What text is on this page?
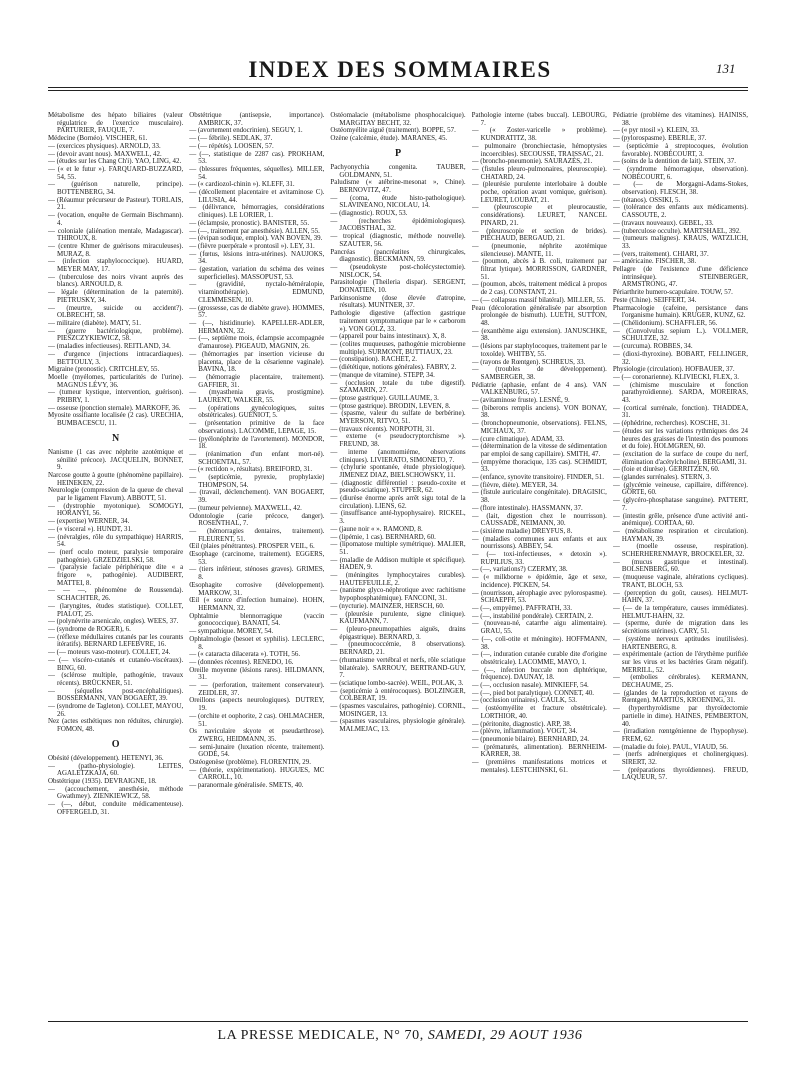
INDEX DES SOMMAIRES	131

Métabolisme des hépato biliaires (valeur régulatrice de l'exercice musculaire). PARTURIER, FAUQUE, 7.

Médecine (Bornéo). VISCHER, 61.

— (exercices physiques). ARNOLD, 33.

— (devoir avant nous). MAXWELL, 42.

— (études sur les Chang Ch'i). YAO, LING, 42.

— (« et le futur »). FARQUARD-BUZZARD, 54, 55.

— (guérison naturelle, principe). BOTTENBERG, 34.

— (Réaumur précurseur de Pasteur). TORLAIS, 21.

— (vocation, enquête de Germain Bischmann). 4.

— coloniale (aliénation mentale, Madagascar). THIROUX, 8.

— (centre Khmer de guérisons miraculeuses). MURAZ, 8.

— (infection staphylococcique). HUARD, MEYER MAY, 17.

— (tuberculose des noirs vivant auprès des blancs). ARNOULD, 8.

— légale (détermination de la paternité). PIETRUSKY, 34.

— (meurtre, suicide ou accident?). OLBRECHT, 58.

— militaire (diabète). MATY, 51.

— (guerre bactériologique, problème). PIESZCZYKIEWICZ, 58.

— (maladies infectieuses). REITLAND, 34.

— d'urgence (injections intracardiaques). BETTOULY, 3.

Migraine (pronostic). CRITCHLEY, 55.

Moelle (myélomes, particularités de l'urine). MAGNUS LÉVY, 36.

— (tumeur kystique, intervention, guérison). PRIBRY, 1.

— osseuse (ponction sternale). MARKOFF, 36.

Myosite ossifiante localisée (2 cas). URECHIA, BUMBACESCU, 11.

N

Nanisme (1 cas avec néphrite azotémique et sénilité précoce). JACQUELIN, BONNET, 9.

Narcose goutte à goutte (phénomène papillaire). HEINEKEN, 22.

Neurologie (compression de la queue de cheval par le ligament Flavum). ABBOTT, 51.

— (dystrophie myotonique). SOMOGYI, HORANYI, 56.

— (expertise) WERNER, 34.

— (« visceral »). HUNDT, 31.

— (névralgies, rôle du sympathique) HARRIS, 54.

— (nerf oculo moteur, paralysie temporaire pathogénie). GRZEDZIELSKI, 58.

— (paralysie faciale périphérique dite « a frigore », pathogénie). AUDIBERT, MATTEI, 8.

— — —, phénomène de Roussenda). SCHACHTER, 26.

— (laryngites, études statistique). COLLET, PIALOT, 25.

— (polynévrite arsenicale, ongles). WEES, 37.

— (syndrome de ROGER), 6.

— (réflexe médullaires cutanés par les courants itératifs). BERNARD LEFEBVRE, 16.

— (— moteurs vaso-moteur). COLLET, 24.

— (— viscéro-cutanés et cutanéo-viscéraux). BING, 60.

— (sclérose multiple, pathogénie, travaux récents). BRÜCKNER, 51.

— (séquelles post-encéphalitiques). BOSSERMANN, VAN BOGAERT, 39.

— (syndrome de Tagleton). COLLET, MAYOU, 26.

Nez (actes esthétiques non réduites, chirurgie). FOMON, 48.

O

Obésité (développement). HETENYI, 36.

— (patho-physiologie). LEITES, AGALETZKAJA, 60.

Obstétrique (1935). DEVRAIGNE, 18.

— (accouchement, anesthésie, méthode Gwathmey). ZIENKIEWICZ, 58.

— (—, début, conduite médicamenteuse). OFFERGELD, 31.

Obstétrique (antisepsie, importance). AMBRICK, 37.

— (avortement endocrinien). SEGUY, 1.

— (— fébrile). SEDLAK, 37.

— (— répétés). LOOSEN, 57.

— (—, statistique de 2287 cas). PROKHAM, 53.

— (blessures fréquentes, séquelles). MILLER, 54.

— (« cardiozol-chinin »). KLEFF, 31.

— (décollement placentaire et avitaminose C). LILUSIA, 44.

— (délivrance, hémorragies, considérations cliniques). LE LORIER, 1.

— (éclampsie, pronostic). BANISTER, 55.

— (—, traitement par anesthésie). ALLEN, 55.

— (évipan sodique, emploi). VAN BOVEN, 39.

— (fièvre puerpérale « prontosil »). LEY, 31.

— (fœtus, lésions intra-utérines). NAUJOKS, 34.

— (gestation, variation du schéma des veines superficielles). MASSOPUST, 53.

— (gravidité, nyctalo-héméralopie, vitaminothérapie). EDMUND, CLEMMESEN, 10.

— (grossesse, cas de diabète grave). HOMMES, 57.

— (—, histidinurie). KAPELLER-ADLER, HERMANN, 32.

— (—, septième mois, éclampsie accompagnée d'amaurose). PIGEAUD, MAGNIN, 26.

— (hémorragies par insertion vicieuse du placenta, place de la césarienne vaginale). BAVINA, 18.

— (hémorragie placentaire, traitement). GAFFIER, 31.

— (myasthenia gravis, prostigmine). LAURENT, WALKER, 55.

— (opérations gynécologiques, suites obstétricales). GUÉNIOT, 5.

— (présentation primitive de la face observations). LACOMME, LEPAGE, 15.

— (pyélonéphrite de l'avortement). MONDOR, 18.

— (réanimation d'un enfant mort-né). SCHOENTAL, 57.

— (« rectidon », résultats). BREIFORD, 31.

— (septicémie, pyrexie, prophylaxie) THOMPSON, 54.

— (travail, déclenchement). VAN BOGAERT, 39.

— (tumeur pelvienne). MAXWELL, 42.

Odontologie (carie précoce, danger). ROSENTHAL, 7.

— (hémorragies dentaires, traitement). FLEURENT, 51.

Œil (plaies pénétrantes). PROSPER VEIL, 6.

Œsophage (carcinome, traitement). EGGERS, 53.

— (tiers inférieur, sténoses graves). GRIMES, 8.

Œsophagite corrosive (développement). MARKOW, 31.

Œil (« source d'infection humaine). HOHN, HERMANN, 32.

Ophtalmie blennorragique (vaccin gonococcique). BANATI, 54.

— sympathique. MOREY, 54.

Ophtalmologie (besoet et syphilis). LECLERC, 8.

— (« cataracta dilacerata »). TOTH, 56.

— (données récentes). RENEDO, 16.

Oreille moyenne (lésions rares). HILDMANN, 31.

— — (perforation, traitement conservateur). ZEIDLER, 37.

Oreillons (aspects neurologiques). DUTREY, 19.

— (orchite et oophorite, 2 cas). OHLMACHER, 51.

Os naviculaire skyote et pseudarthrose). ZWERG, HEIDMANN, 35.

— semi-lunaire (luxation récente, traitement). GODÉ, 54.

Ostéogenèse (problème). FLORENTIN, 29.

— (théorie, expérimentation). HUGUES, MC CARROLL, 10.

— paranormale généralisée. SMETS, 40.

Ostéomalacie (métabolisme phosphocalcique). MARGITAY BECHT, 32.

Ostéomyélite aiguë (traitement). BOPPE, 57.

Ozène (calcémie, étude). MARANES, 45.

P

Pachyonychia congenita. TAUBER, GOLDMANN, 51.

Paludisme (« atébrine-mesonat », Chine). BERNOVITZ, 47.

— (coma, étude histo-pathologique). SLAVINEANO, NICOLAU, 14.

— (diagnostic). ROUX, 53.

— (recherches épidémiologiques). JACOBSTHAL, 32.

— tropical (diagnostic, méthode nouvelle). SZAUTER, 56.

Pancréas (pancréatites chirurgicales, diagnostic). BECKMANN, 59.

— (pseudokyste post-cholécystectomie). NISLOCK, 54.

Parasitologie (Theileria dispar). SERGENT, DONATIEN, 10.

Parkinsonisme (dose élevée d'atropine, résultats). MUNTNER, 37.

Pathologie digestive (affection gastrique traitement symptomatique par le « carborom »). VON GOLZ, 33.

— (appareil pour bains intestinaux). X, 8.

— (colites muqueuses, pathogénie microbienne multiple). SURMONT, BUTTIAUX, 23.

— (constipation). RACHET, 2.

— (diététique, notions générales). FABRY, 2.

— (manque de vitamine). STEPP, 34.

— (occlusion totale du tube digestif). SZAMARIN, 27.

— (ptose gastrique). GUILLAUME, 3.

— (ptose gastrique). BRODIN, LEVEN, 8.

— (spasme, valeur du sulfate de berbérine). MYERSON, RITVO, 51.

— (travaux récents). NORPOTH, 31.

— externe (« pseudocryptorchisme »). FREUND, 38.

— interne (anomomiéme, observations cliniques). LIVIERATO, SIMONETO, 7.

— (chylurie spontanée, étude physiologique). JIMENEZ DIAZ, BIELSCHOWSKY, 11.

— (diagnostic différentiel : pseudo-coxite et pseudo-sciatique). STUPFER, 62.

— (diurèse énorme après arrêt sigu total de la circulation). LIENS, 62.

— (insuffisance anté-hypophysaire). RICKEL, 3.

— (jaune noir « ». RAMOND, 8.

— (lipémie, 1 cas). BERNHARD, 60.

— (lipomatose multiple symétrique). MALIER, 51.

— (maladie de Addison multiple et spécifique). HADEN, 9.

— (méningites lymphocytaires curables). HAUTEFEUILLE, 2.

— (nanisme glyco-néphrotique avec rachitisme hypophosphatémique). FANCONI, 31.

— (nycturie). MAINZER, HERSCH, 60.

— (pleurésie purulente, signe clinique). KAUFMANN, 7.

— (pleuro-pneumopathies aiguës, drains épigastrique). BERNARD, 3.

— (pneumococcémie, 8 observations). BERNARD, 21.

— (rhumatisme vertébral et nerfs, rôle sciatique bilatérale). SARROUY, BERTRAND-GUY, 7.

— (sciatique lombo-sacrée). WEIL, POLAK, 3.

— (septicémie à entérocoques). BOLZINGER, COLBERAT, 19.

— (spasmes vasculaires, pathogénie). CORNIL, MOSINGER, 13.

— (spasmes vasculaires, physiologie générale). MALMEJAC, 13.

Pathologie interne (tabes buccal). LEBOURG, 7.

— (« Zoster-varicelle » problème). KUNDRATITZ, 38.

— pulmonaire (bronchiectasie, hémoptysies incoercibles). SECOUSSE, TRAISSAC, 21.

— (broncho-pneumonie). SAURAZÈS, 21.

— (fistules pleuro-pulmonaires, pleuroscopie). CHATARD, 24.

— (pleurésie purulente interlobaire à double poche, opération avant vomique, guérison). LEURET, LOUBAT, 21.

— (pleuroscopie et pleurocaustie, considérations). LEURET, NANCEL PINARD, 21.

— (pleuroscopie et section de brides). PIECHAUD, BERGAUD, 21.

— (pneumonie, néphrite azotémique silencieuse). MANTE, 11.

— (poumon, abcès à B. coli, traitement par filtrat lytique). MORRISSON, GARDNER, 51.

— (poumon, abcès, traitement médical à propos de 2 cas). CONSTANT, 21.

— (— collapsus massif bilatéral). MILLER, 55.

Peau (décoloration généralisée par absorption prolongée de bismuth). LUETH, SUTTON, 48.

— (exanthème aigu extension). JANUSCHKE, 38.

— (lésions par staphylocoques, traitement par le toxoïde). WHITBY, 55.

— (rayons de Rœntgen). SCHREUS, 33.

— (troubles de développement). SAMBERGER, 38.

Pédiatrie (aphasie, enfant de 4 ans). VAN VALKENBURG, 57.

— (avitaminose fruste). LESNÉ, 9.

— (biberons remplis anciens). VON BONAY, 38.

— (bronchopneumonie, observations). FELNS, MICHAUX, 37.

— (cure climatique). ADAM, 33.

— (détermination de la vitesse de sédimentation par emploi de sang capillaire). SMITH, 47.

— (empyème thoracique, 135 cas). SCHMIDT, 33.

— (enfance, synovite transitoire). FINDER, 51.

— (fièvre, diète). MEYER, 34.

— (fistule auriculaire congénitale). DRAGISIC, 38.

— (flore intestinale). HASSMANN, 37.

— (lait, digestion chez le nourrisson). CAUSSADE, NEIMANN, 30.

— (sixième maladie) DREYFUS, 8.

— (maladies communes aux enfants et aux nourrissons). ABBEY, 54.

— (— toxi-infectieuses, « detoxin »). RUPILIUS, 33.

— (—, variations?) CZERMY, 38.

— (« milkborne » épidémie, âge et sexe, incidence). PICKEN, 54.

— (nourrisson, aérophagie avec pylorospasme). SCHAEPFF, 53.

— (—, empyème). PAFFRATH, 33.

— (—, instabilité pondérale). CERTAIN, 2.

— (nouveau-né, catarrhe aigu alimentaire). GRAU, 55.

— (—, coli-otite et méningite). HOFFMANN, 38.

— (—, induration cutanée curable dite d'origine obstétricale). LACOMME, MAYO, 1.

— (—, infection buccale non diphtérique, fréquence). DAUNAY, 18.

— (—, occlusion nasale). MINKIEFF, 54.

— (—, pied bot paralytique). CONNET, 40.

— (occlusion urinaires). CAULK, 53.

— (ostéomyélite et fracture obstétricale). LORTHIOR, 40.

— (péritonite, diagnostic). ARP, 38.

— (plèvre, inflammation). VOGT, 34.

— (pneumonie bilaire). BERNHARD, 24.

— (prématurés, alimentation). BERNHEIM-KARRER, 38.

— (premières manifestations motrices et mentales). LESTCHINSKI, 61.

Pédiatrie (problème des vitamines). HAINISS, 38.

— (« pyr ntosil »). KLEIN, 33.

— (pylorospasme). EBERLE, 37.

— (septicémie à streptocoques, évolution favorable). NOBÉCOURT, 3.

— (soins de la dentition de lait). STEIN, 37.

— (syndrome hémorragique, observation). NOBÉCOURT, 6.

— (— de Morgagni-Adams-Stokes, observation). FLESCH, 38.

— (tétanos). OSSIKI, 5.

— (tolérance des enfants aux médicaments). CASSOUTE, 2.

— (travaux nouveaux). GEBEL, 33.

— (tuberculose occulte). MARTSHAEL, 392.

— (tumeurs malignes). KRAUS, WATZLICH, 33.

— (vers, traitement). CHIARI, 37.

— américaine. FISCHER, 38.

Pellagre (de l'existence d'une déficience intrinsèque). STEINBERGER, ARMSTRONG, 47.

Périarthrite humero-scapulaire. TOUW, 57.

Peste (Chine). SEIFFERT, 34.

Pharmacologie (cafeine, persistance dans l'organisme humain). KRUGER, KUNZ, 62.

— (Chélidonium). SCHAFFLER, 56.

— (Convolvulus sepium L.). VOLLMER, SCHULTZE, 32.

— (curcuma). ROBBES, 34.

— (dioxi-thyroxine). BOBART, FELLINGER, 32.

Physiologie (circulation). HOFBAUER, 37.

— (— coronarienne). KLIVIECKI, FLEX, 3.

— (chimisme musculaire et fonction parathyroïdienne). SARDA, MOREIRAS, 43.

— (cortical surrénale, fonction). THADDEA, 31.

— (éphédrine, recherches). KOSCHE, 31.

— (études sur les variations rythmiques des 24 heures des graisses de l'intestin des poumons et du foie). HOLMGREN, 60.

— (excitation de la surface de coupe du nerf, élimination d'acétylcholine). BERGAMI, 31.

— (foie et diurèse). GERRITZEN, 60.

— (glandes surrénales). STERN, 3.

— (glycémie veineuse, capillaire, différence). GÖRTE, 60.

— (glycéro-phosphatase sanguine). PATTERT, 7.

— (intestin grêle, présence d'une activité anti-anémique). CORTAA, 60.

— (métabolisme respiration et circulation). HAYMAN, 39.

— (moelle osseuse, respiration). SCHERHERENMAYR, BROCKELER, 32.

— (mucus gastrique et intestinal). BOLSENBERG, 60.

— (muqueuse vaginale, altérations cycliques). TRANT, BLOCH, 53.

— (perception du goût, causes). HELMUT-HAHN, 37.

— (— de la température, causes immédiates). HELMUT-HAHN, 32.

— (sperme, durée de migration dans les sécrétions utérines). CARY, 51.

— (système nerveux aptitudes inutilisées). HARTENBERG, 8.

— expérimentale (action de l'érythème purifiée sur les virus et les bactéries Gram négatif). MERRILL, 52.

— (embolies cérébrales). KERMANN, DECHAUME, 25.

— (glandes de la reproduction et rayons de Rœntgen). MARTIUS, KROENING, 31.

— (hyperthyroïdisme par thyroïdectomie partielle in dime). HAINES, PEMBERTON, 40.

— (irradiation rœntgénienne de l'hypophyse). FREM, 62.

— (maladie du foie). PAUL, VIAUD, 56.

— (nerfs adrénergiques et cholinergiques). SIRERT, 32.

— (préparations thyroïdiennes). FREUD, LAQUEUR, 57.

LA PRESSE MEDICALE, N° 70, SAMEDI, 29 AOUT 1936
